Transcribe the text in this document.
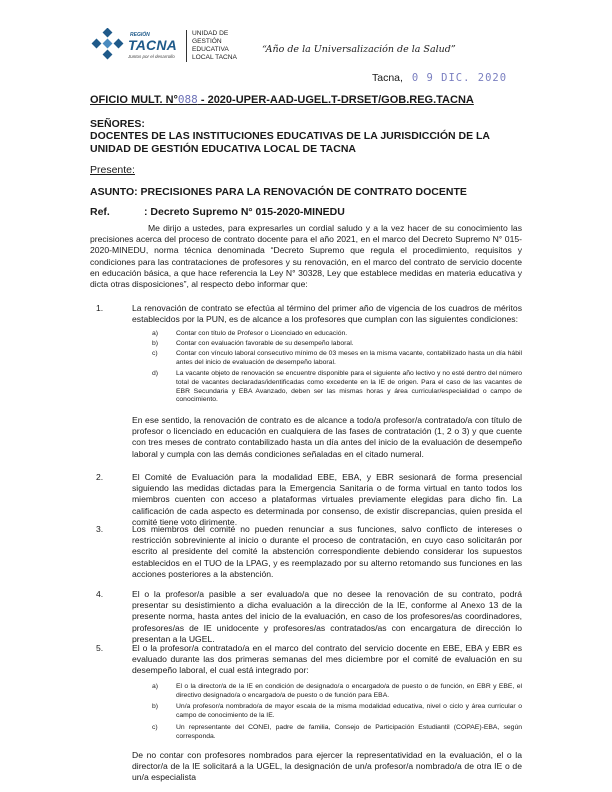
REGIÓN
TACNA
Juntos por el desarrollo
UNIDAD DE
GESTIÓN
EDUCATIVA
LOCAL TACNA
“Año de la Universalización de la Salud”
Tacna, 0 9 DIC. 2020
OFICIO MULT. N°088 - 2020-UPER-AAD-UGEL.T-DRSET/GOB.REG.TACNA
SEÑORES:
DOCENTES DE LAS INSTITUCIONES EDUCATIVAS DE LA JURISDICCIÓN DE LA UNIDAD DE GESTIÓN EDUCATIVA LOCAL DE TACNA
Presente:
ASUNTO: PRECISIONES PARA LA RENOVACIÓN DE CONTRATO DOCENTE
Ref.	: Decreto Supremo N° 015-2020-MINEDU
Me dirijo a ustedes, para expresarles un cordial saludo y a la vez hacer de su conocimiento las precisiones acerca del proceso de contrato docente para el año 2021, en el marco del Decreto Supremo N° 015-2020-MINEDU, norma técnica denominada “Decreto Supremo que regula el procedimiento, requisitos y condiciones para las contrataciones de profesores y su renovación, en el marco del contrato de servicio docente en educación básica, a que hace referencia la Ley N° 30328, Ley que establece medidas en materia educativa y dicta otras disposiciones”, al respecto debo informar que:
1.	La renovación de contrato se efectúa al término del primer año de vigencia de los cuadros de méritos establecidos por la PUN, es de alcance a los profesores que cumplan con las siguientes condiciones:
a)	Contar con título de Profesor o Licenciado en educación.
b)	Contar con evaluación favorable de su desempeño laboral.
c)	Contar con vínculo laboral consecutivo mínimo de 03 meses en la misma vacante, contabilizado hasta un día hábil antes del inicio de evaluación de desempeño laboral.
d)	La vacante objeto de renovación se encuentre disponible para el siguiente año lectivo y no esté dentro del número total de vacantes declaradas/identificadas como excedente en la IE de origen. Para el caso de las vacantes de EBR Secundaria y EBA Avanzado, deben ser las mismas horas y área curricular/especialidad o campo de conocimiento.
En ese sentido, la renovación de contrato es de alcance a todo/a profesor/a contratado/a con título de profesor o licenciado en educación en cualquiera de las fases de contratación (1, 2 o 3) y que cuente con tres meses de contrato contabilizado hasta un día antes del inicio de la evaluación de desempeño laboral y cumpla con las demás condiciones señaladas en el citado numeral.
2.	El Comité de Evaluación para la modalidad EBE, EBA, y EBR sesionará de forma presencial siguiendo las medidas dictadas para la Emergencia Sanitaria o de forma virtual en tanto todos los miembros cuenten con acceso a plataformas virtuales previamente elegidas para dicho fin. La calificación de cada aspecto es determinada por consenso, de existir discrepancias, quien presida el comité tiene voto dirimente.
3.	Los miembros del comité no pueden renunciar a sus funciones, salvo conflicto de intereses o restricción sobreviniente al inicio o durante el proceso de contratación, en cuyo caso solicitarán por escrito al presidente del comité la abstención correspondiente debiendo considerar los supuestos establecidos en el TUO de la LPAG, y es reemplazado por su alterno retomando sus funciones en las acciones posteriores a la abstención.
4.	El o la profesor/a pasible a ser evaluado/a que no desee la renovación de su contrato, podrá presentar su desistimiento a dicha evaluación a la dirección de la IE, conforme al Anexo 13 de la presente norma, hasta antes del inicio de la evaluación, en caso de los profesores/as coordinadores, profesores/as de IE unidocente y profesores/as contratados/as con encargatura de dirección lo presentan a la UGEL.
5.	El o la profesor/a contratado/a en el marco del contrato del servicio docente en EBE, EBA y EBR es evaluado durante las dos primeras semanas del mes diciembre por el comité de evaluación en su desempeño laboral, el cual está integrado por:
a)	El o la director/a de la IE en condición de designado/a o encargado/a de puesto o de función, en EBR y EBE, el directivo designado/a o encargado/a de puesto o de función para EBA.
b)	Un/a profesor/a nombrado/a de mayor escala de la misma modalidad educativa, nivel o ciclo y área curricular o campo de conocimiento de la IE.
c)	Un representante del CONEI, padre de familia, Consejo de Participación Estudiantil (COPAE)-EBA, según corresponda.
De no contar con profesores nombrados para ejercer la representatividad en la evaluación, el o la director/a de la IE solicitará a la UGEL, la designación de un/a profesor/a nombrado/a de otra IE o de un/a especialista
